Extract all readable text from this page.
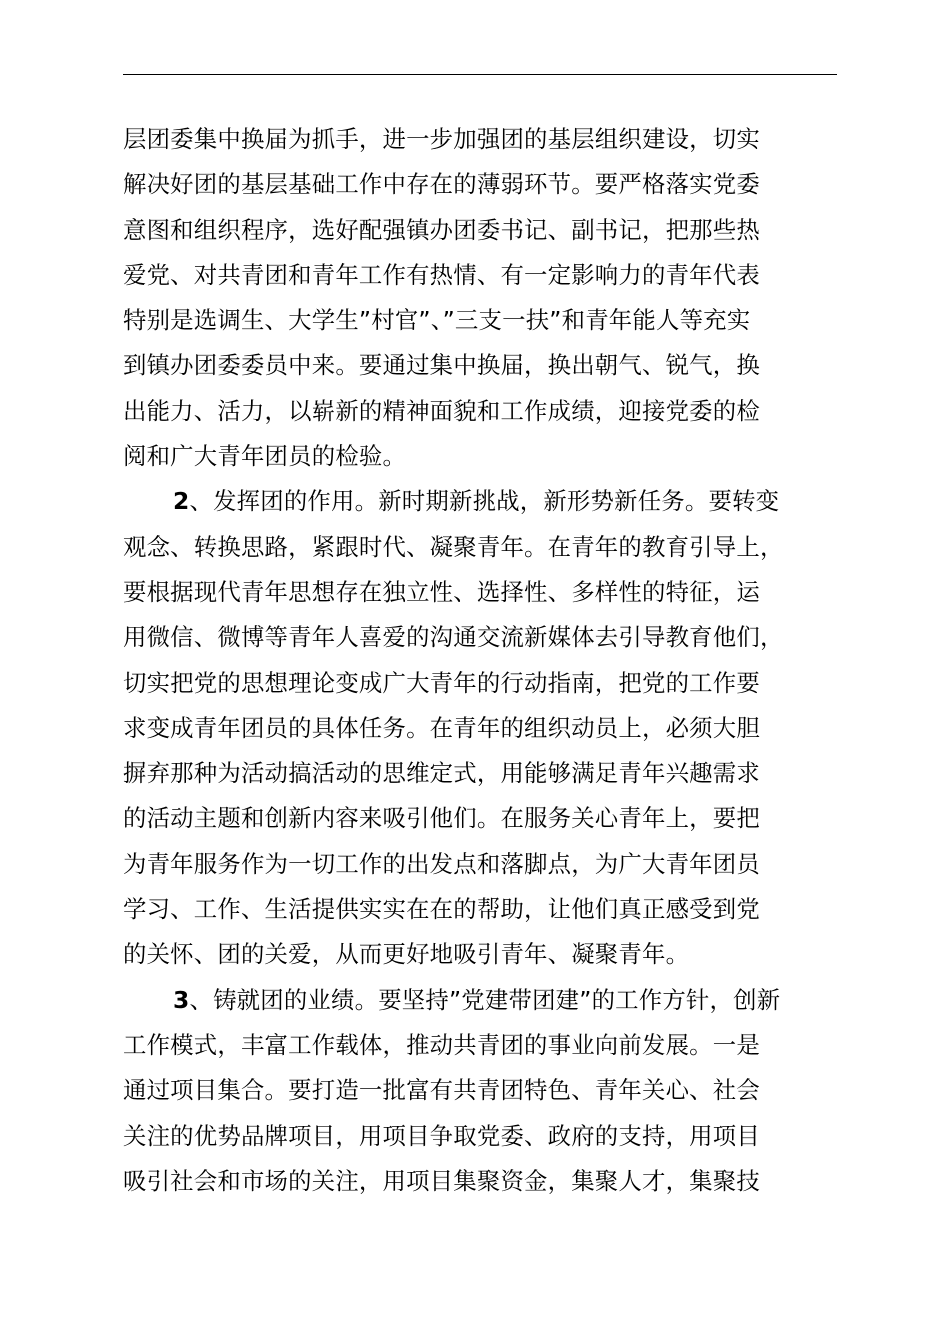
层团委集中换届为抓手，进一步加强团的基层组织建设，切实
解决好团的基层基础工作中存在的薄弱环节。要严格落实党委
意图和组织程序，选好配强镇办团委书记、副书记，把那些热
爱党、对共青团和青年工作有热情、有一定影响力的青年代表
特别是选调生、大学生”村官”、”三支一扶”和青年能人等充实
到镇办团委委员中来。要通过集中换届，换出朝气、锐气，换
出能力、活力，以崭新的精神面貌和工作成绩，迎接党委的检
阅和广大青年团员的检验。
2、发挥团的作用。新时期新挑战，新形势新任务。要转变
观念、转换思路，紧跟时代、凝聚青年。在青年的教育引导上，
要根据现代青年思想存在独立性、选择性、多样性的特征，运
用微信、微博等青年人喜爱的沟通交流新媒体去引导教育他们，
切实把党的思想理论变成广大青年的行动指南，把党的工作要
求变成青年团员的具体任务。在青年的组织动员上，必须大胆
摒弃那种为活动搞活动的思维定式，用能够满足青年兴趣需求
的活动主题和创新内容来吸引他们。在服务关心青年上，要把
为青年服务作为一切工作的出发点和落脚点，为广大青年团员
学习、工作、生活提供实实在在的帮助，让他们真正感受到党
的关怀、团的关爱，从而更好地吸引青年、凝聚青年。
3、铸就团的业绩。要坚持”党建带团建”的工作方针，创新
工作模式，丰富工作载体，推动共青团的事业向前发展。一是
通过项目集合。要打造一批富有共青团特色、青年关心、社会
关注的优势品牌项目，用项目争取党委、政府的支持，用项目
吸引社会和市场的关注，用项目集聚资金，集聚人才，集聚技
